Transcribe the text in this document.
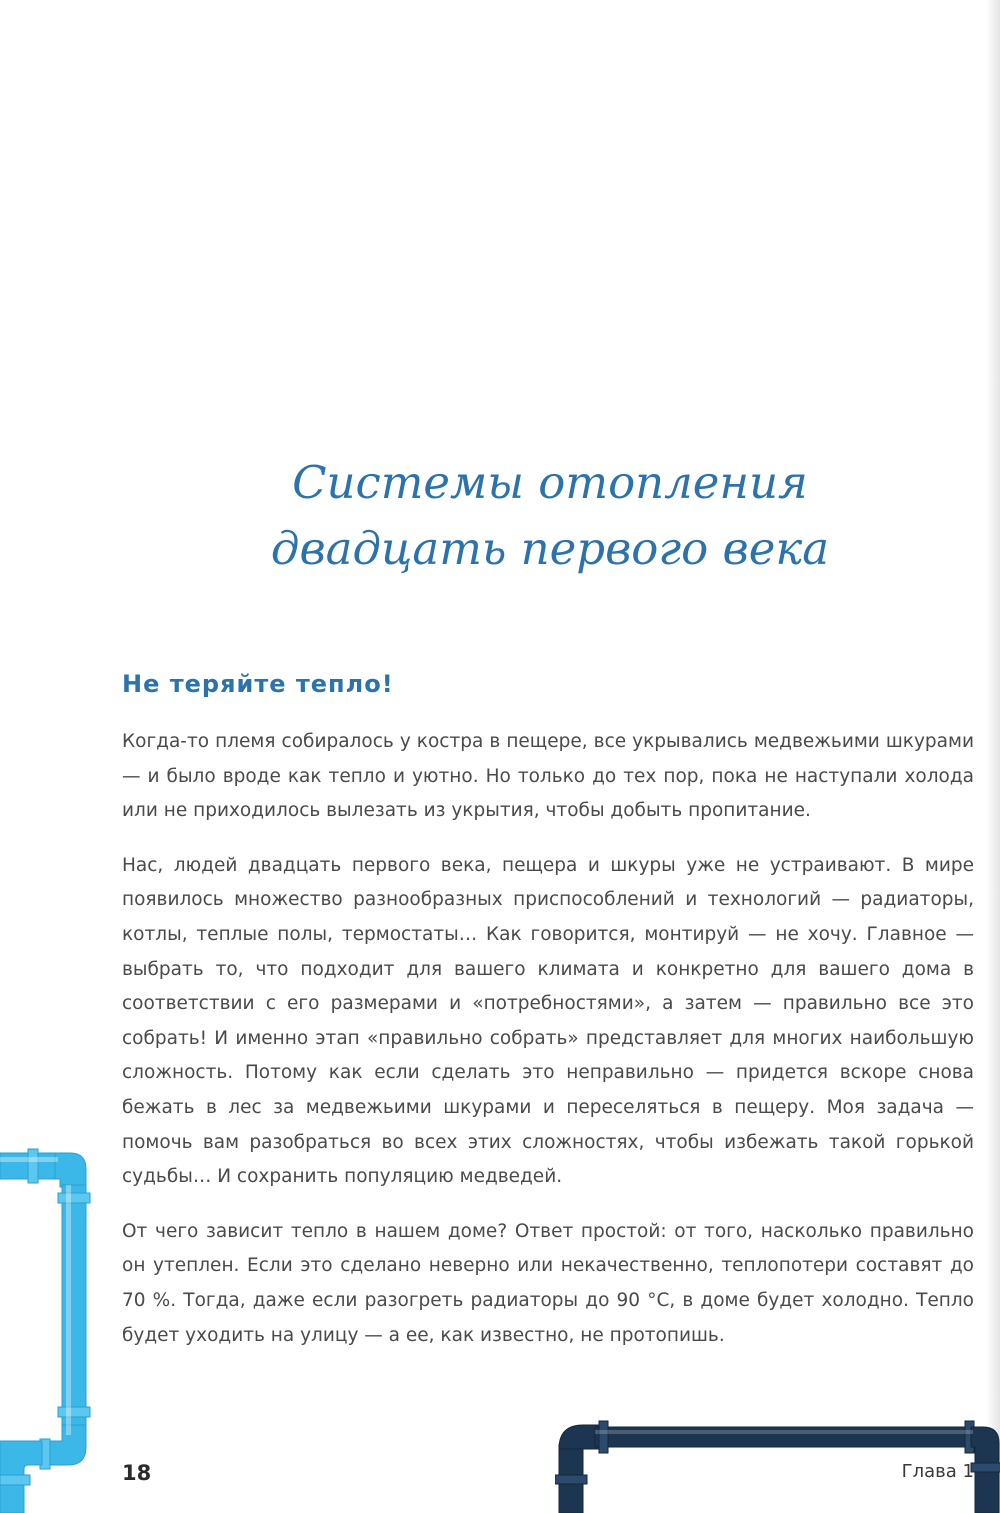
Системы отопления
двадцать первого века
Не теряйте тепло!

Когда-то племя собиралось у костра в пещере, все укрывались медвежьими шкурами — и было вроде как тепло и уютно. Но только до тех пор, пока не наступали холода или не приходилось вылезать из укрытия, чтобы добыть пропитание.

Нас, людей двадцать первого века, пещера и шкуры уже не устраивают. В мире появилось множество разнообразных приспособлений и технологий — радиаторы, котлы, теплые полы, термостаты… Как говорится, монтируй — не хочу. Главное — выбрать то, что подходит для вашего климата и конкретно для вашего дома в соответствии с его размерами и «потребностями», а затем — правильно все это собрать! И именно этап «правильно собрать» представляет для многих наибольшую сложность. Потому как если сделать это неправильно — придется вскоре снова бежать в лес за медвежьими шкурами и переселяться в пещеру. Моя задача — помочь вам разобраться во всех этих сложностях, чтобы избежать такой горькой судьбы… И сохранить популяцию медведей.

От чего зависит тепло в нашем доме? Ответ простой: от того, насколько правильно он утеплен. Если это сделано неверно или некачественно, теплопотери составят до 70 %. Тогда, даже если разогреть радиаторы до 90 °С, в доме будет холодно. Тепло будет уходить на улицу — а ее, как известно, не протопишь.

18	Глава 1
